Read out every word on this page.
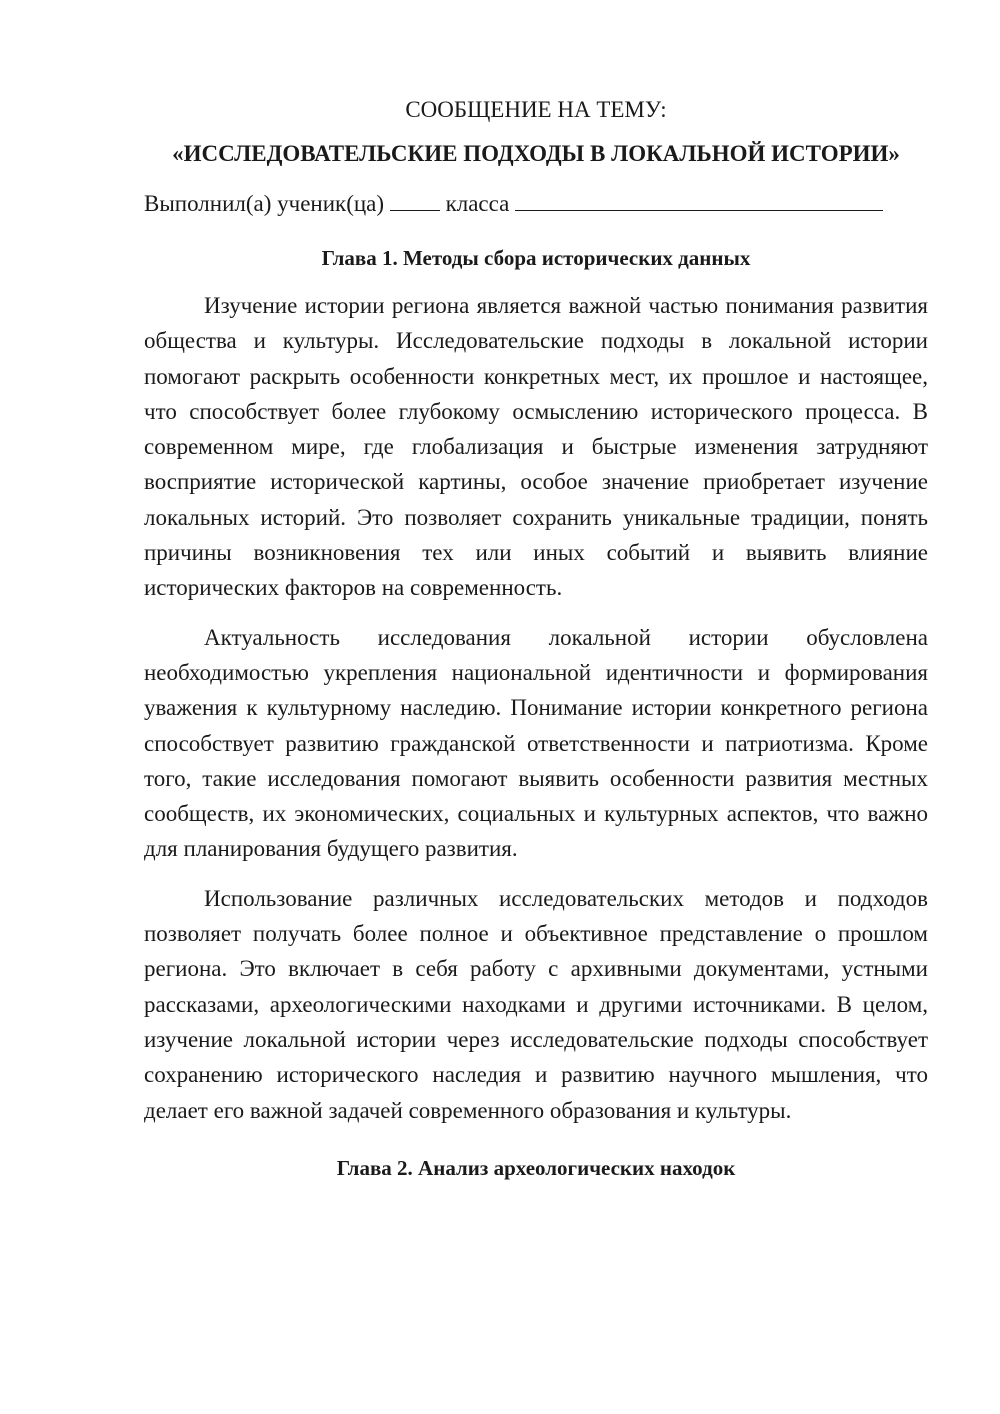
СООБЩЕНИЕ НА ТЕМУ:

«ИССЛЕДОВАТЕЛЬСКИЕ ПОДХОДЫ В ЛОКАЛЬНОЙ ИСТОРИИ»

Выполнил(а) ученик(ца)	класса

Глава 1. Методы сбора исторических данных

Изучение истории региона является важной частью понимания развития общества и культуры. Исследовательские подходы в локальной истории помогают раскрыть особенности конкретных мест, их прошлое и настоящее, что способствует более глубокому осмыслению исторического процесса. В современном мире, где глобализация и быстрые изменения затрудняют восприятие исторической картины, особое значение приобретает изучение локальных историй. Это позволяет сохранить уникальные традиции, понять причины возникновения тех или иных событий и выявить влияние исторических факторов на современность.

Актуальность исследования локальной истории обусловлена необходимостью укрепления национальной идентичности и формирования уважения к культурному наследию. Понимание истории конкретного региона способствует развитию гражданской ответственности и патриотизма. Кроме того, такие исследования помогают выявить особенности развития местных сообществ, их экономических, социальных и культурных аспектов, что важно для планирования будущего развития.

Использование различных исследовательских методов и подходов позволяет получать более полное и объективное представление о прошлом региона. Это включает в себя работу с архивными документами, устными рассказами, археологическими находками и другими источниками. В целом, изучение локальной истории через исследовательские подходы способствует сохранению исторического наследия и развитию научного мышления, что делает его важной задачей современного образования и культуры.

Глава 2. Анализ археологических находок
